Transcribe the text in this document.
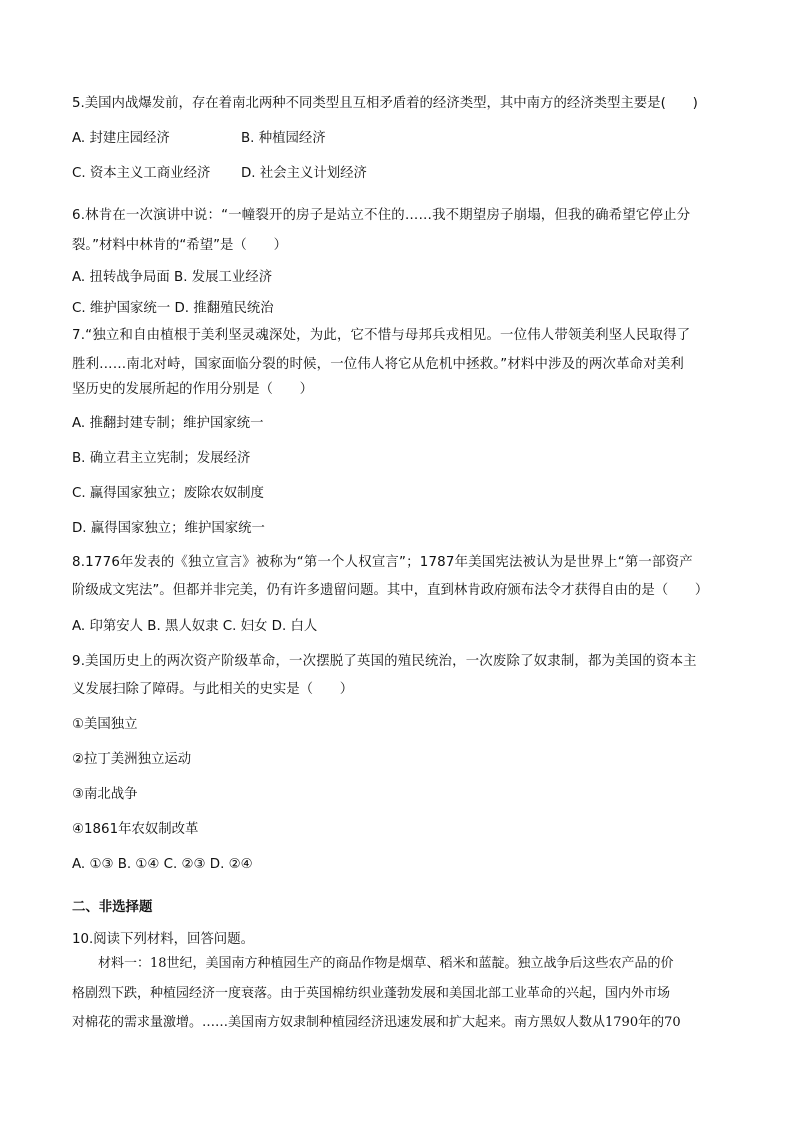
5.美国内战爆发前，存在着南北两种不同类型且互相矛盾着的经济类型，其中南方的经济类型主要是(　　)
A. 封建庄园经济	B. 种植园经济
C. 资本主义工商业经济 D. 社会主义计划经济
6.林肯在一次演讲中说：“一幢裂开的房子是站立不住的……我不期望房子崩塌，但我的确希望它停止分
裂。”材料中林肯的“希望”是（　　）
A. 扭转战争局面 B. 发展工业经济
C. 维护国家统一 D. 推翻殖民统治
7.“独立和自由植根于美利坚灵魂深处，为此，它不惜与母邦兵戎相见。一位伟人带领美利坚人民取得了
胜利……南北对峙，国家面临分裂的时候，一位伟人将它从危机中拯救。”材料中涉及的两次革命对美利
坚历史的发展所起的作用分别是（　　）
A. 推翻封建专制；维护国家统一
B. 确立君主立宪制；发展经济
C. 赢得国家独立；废除农奴制度
D. 赢得国家独立；维护国家统一
8.1776年发表的《独立宣言》被称为“第一个人权宣言”；1787年美国宪法被认为是世界上“第一部资产
阶级成文宪法”。但都并非完美，仍有许多遗留问题。其中，直到林肯政府颁布法令才获得自由的是（　　）
A. 印第安人 B. 黑人奴隶 C. 妇女 D. 白人
9.美国历史上的两次资产阶级革命，一次摆脱了英国的殖民统治，一次废除了奴隶制，都为美国的资本主
义发展扫除了障碍。与此相关的史实是（　　）
①美国独立
②拉丁美洲独立运动
③南北战争
④1861年农奴制改革
A. ①③ B. ①④ C. ②③ D. ②④
二、非选择题
10.阅读下列材料，回答问题。
材料一：18世纪，美国南方种植园生产的商品作物是烟草、稻米和蓝靛。独立战争后这些农产品的价
格剧烈下跌，种植园经济一度衰落。由于英国棉纺织业蓬勃发展和美国北部工业革命的兴起，国内外市场
对棉花的需求量激增。……美国南方奴隶制种植园经济迅速发展和扩大起来。南方黑奴人数从1790年的70
